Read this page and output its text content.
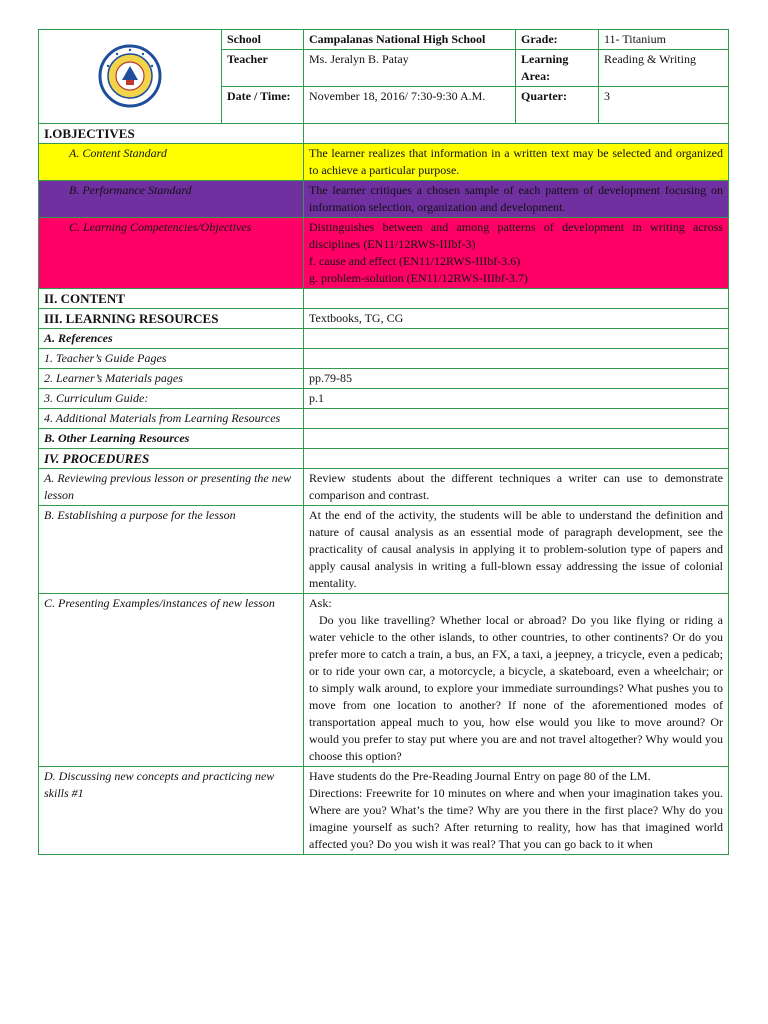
	School	Campalanas National High School	Grade:	11- Titanium
	Teacher	Ms. Jeralyn B. Patay	Learning Area:	Reading & Writing
	Date / Time:	November 18, 2016/ 7:30-9:30 A.M.	Quarter:	3
I.OBJECTIVES				
A. Content Standard		The learner realizes that information in a written text may be selected and organized to achieve a particular purpose.		
B. Performance Standard		The learner critiques a chosen sample of each pattern of development focusing on information selection, organization and development.		
C. Learning Competencies/Objectives		Distinguishes between and among patterns of development in writing across disciplines (EN11/12RWS-IIIbf-3)
f. cause and effect (EN11/12RWS-IIIbf-3.6)
g. problem-solution (EN11/12RWS-IIIbf-3.7)		

II. CONTENT				
III. LEARNING RESOURCES		Textbooks, TG, CG		
A. References				
1. Teacher’s Guide Pages				
2. Learner’s Materials pages		pp.79-85		
3. Curriculum Guide:		p.1		
4. Additional Materials from Learning Resources				
B. Other Learning Resources				
IV. PROCEDURES				
A. Reviewing previous lesson or presenting the new lesson		Review students about the different techniques a writer can use to demonstrate comparison and contrast.		
B. Establishing a purpose for the lesson		At the end of the activity, the students will be able to understand the definition and nature of causal analysis as an essential mode of paragraph development, see the practicality of causal analysis in applying it to problem-solution type of papers and apply causal analysis in writing a full-blown essay addressing the issue of colonial mentality.		
C. Presenting Examples/instances of new lesson		Ask:
Do you like travelling? Whether local or abroad? Do you like flying or riding a water vehicle to the other islands, to other countries, to other continents? Or do you prefer more to catch a train, a bus, an FX, a taxi, a jeepney, a tricycle, even a pedicab; or to ride your own car, a motorcycle, a bicycle, a skateboard, even a wheelchair; or to simply walk around, to explore your immediate surroundings? What pushes you to move from one location to another? If none of the aforementioned modes of transportation appeal much to you, how else would you like to move around? Or would you prefer to stay put where you are and not travel altogether? Why would you choose this option?		

D. Discussing new concepts and practicing new skills #1		Have students do the Pre-Reading Journal Entry on page 80 of the LM.
Directions: Freewrite for 10 minutes on where and when your imagination takes you. Where are you? What’s the time? Why are you there in the first place? Why do you imagine yourself as such? After returning to reality, how has that imagined world affected you? Do you wish it was real? That you can go back to it when		
